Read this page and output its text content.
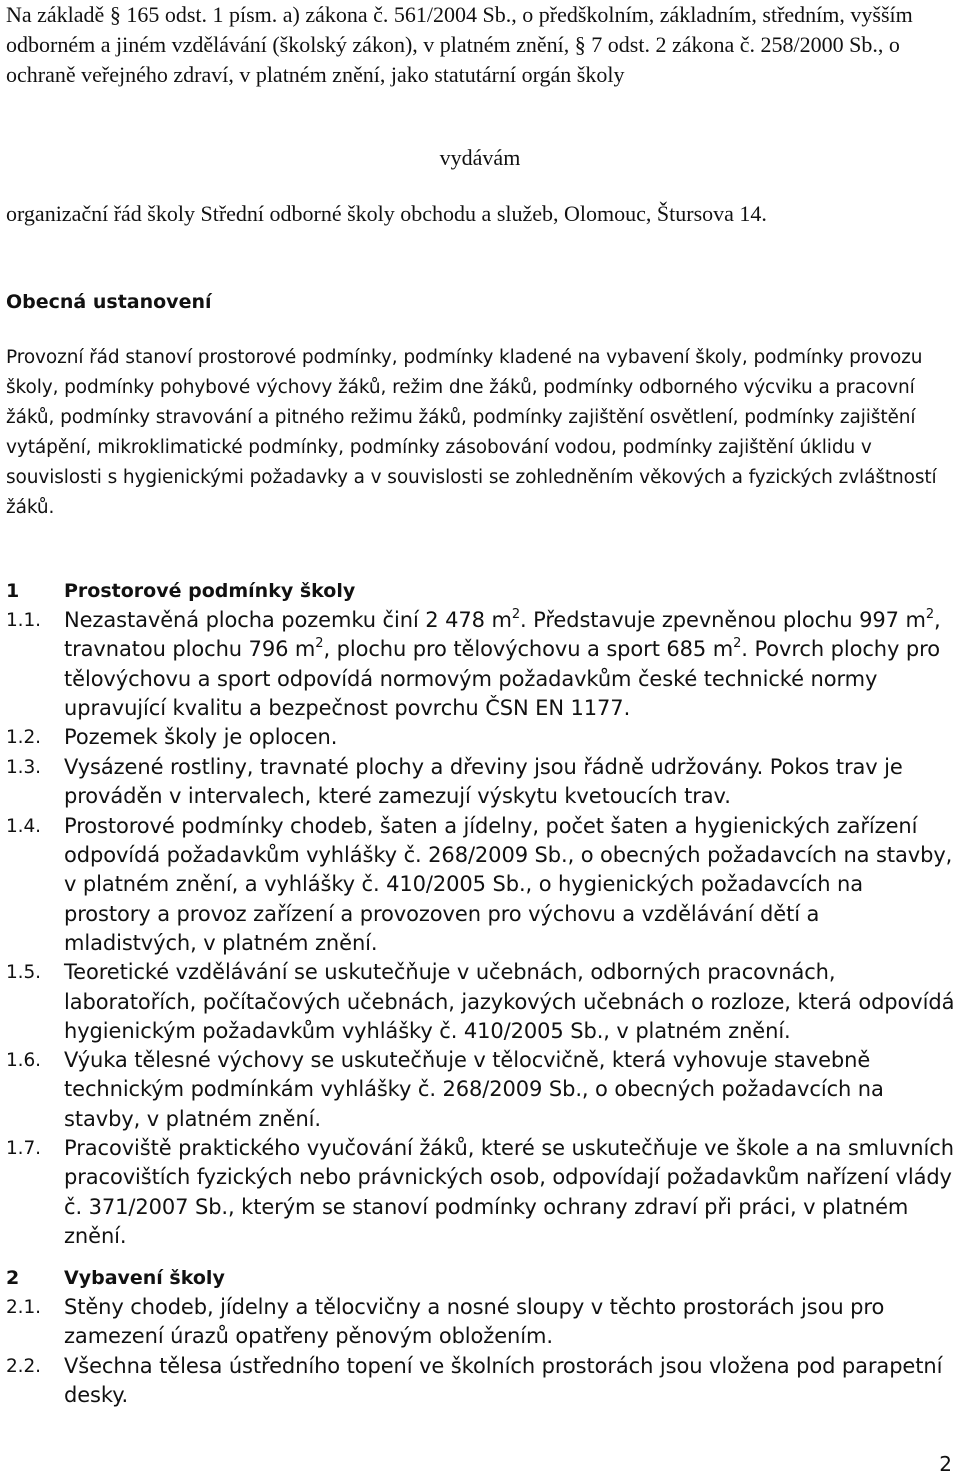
Na základě § 165 odst. 1 písm. a) zákona č. 561/2004 Sb., o předškolním, základním, středním, vyšším odborném a jiném vzdělávání (školský zákon), v platném znění, § 7 odst. 2 zákona č. 258/2000 Sb., o ochraně veřejného zdraví, v platném znění, jako statutární orgán školy
vydávám
organizační řád školy Střední odborné školy obchodu a služeb, Olomouc, Štursova 14.
Obecná ustanovení
Provozní řád stanoví prostorové podmínky, podmínky kladené na vybavení školy, podmínky provozu školy, podmínky pohybové výchovy žáků, režim dne žáků, podmínky odborného výcviku a pracovní žáků, podmínky stravování a pitného režimu žáků, podmínky zajištění osvětlení, podmínky zajištění vytápění, mikroklimatické podmínky, podmínky zásobování vodou, podmínky zajištění úklidu v souvislosti s hygienickými požadavky a v souvislosti se zohledněním věkových a fyzických zvláštností žáků.
1	Prostorové podmínky školy
1.1.	Nezastavěná plocha pozemku činí 2 478 $m^2$. Představuje zpevněnou plochu 997 $m^2$, travnatou plochu 796 $m^2$, plochu pro tělovýchovu a sport 685 $m^2$. Povrch plochy pro tělovýchovu a sport odpovídá normovým požadavkům české technické normy upravující kvalitu a bezpečnost povrchu ČSN EN 1177.
1.2.	Pozemek školy je oplocen.
1.3.	Vysázené rostliny, travnaté plochy a dřeviny jsou řádně udržovány. Pokos trav je prováděn v intervalech, které zamezují výskytu kvetoucích trav.
1.4.	Prostorové podmínky chodeb, šaten a jídelny, počet šaten a hygienických zařízení odpovídá požadavkům vyhlášky č. 268/2009 Sb., o obecných požadavcích na stavby, v platném znění, a vyhlášky č. 410/2005 Sb., o hygienických požadavcích na prostory a provoz zařízení a provozoven pro výchovu a vzdělávání dětí a mladistvých, v platném znění.
1.5.	Teoretické vzdělávání se uskutečňuje v učebnách, odborných pracovnách, laboratořích, počítačových učebnách, jazykových učebnách o rozloze, která odpovídá hygienickým požadavkům vyhlášky č. 410/2005 Sb., v platném znění.
1.6.	Výuka tělesné výchovy se uskutečňuje v tělocvičně, která vyhovuje stavebně technickým podmínkám vyhlášky č. 268/2009 Sb., o obecných požadavcích na stavby, v platném znění.
1.7.	Pracoviště praktického vyučování žáků, které se uskutečňuje ve škole a na smluvních pracovištích fyzických nebo právnických osob, odpovídají požadavkům nařízení vlády č. 371/2007 Sb., kterým se stanoví podmínky ochrany zdraví při práci, v platném znění.
2	Vybavení školy
2.1.	Stěny chodeb, jídelny a tělocvičny a nosné sloupy v těchto prostorách jsou pro zamezení úrazů opatřeny pěnovým obložením.
2.2.	Všechna tělesa ústředního topení ve školních prostorách jsou vložena pod parapetní desky.
2
